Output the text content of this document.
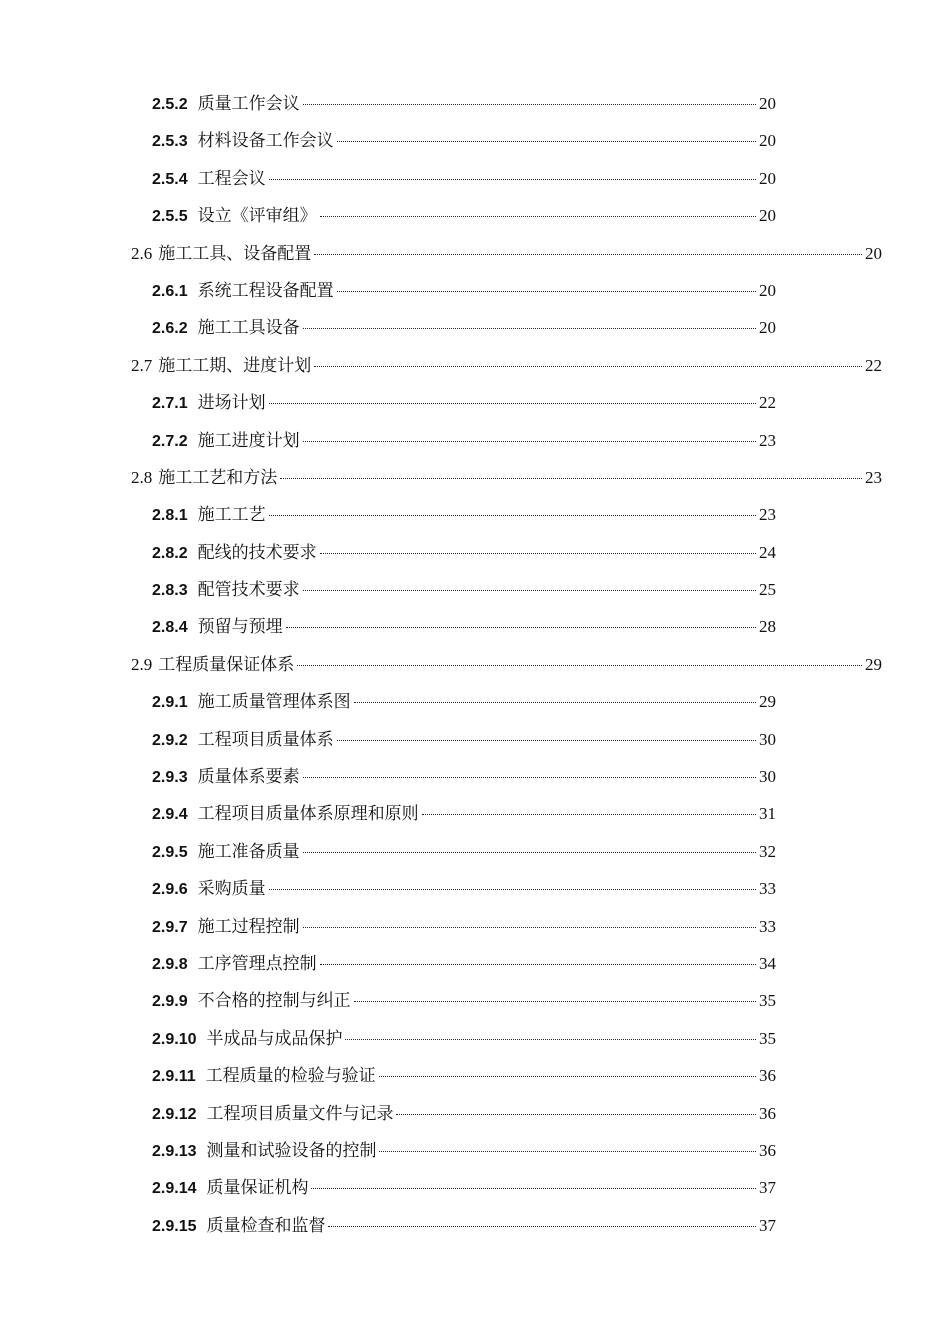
2.5.2 质量工作会议	20
2.5.3 材料设备工作会议	20
2.5.4 工程会议	20
2.5.5 设立《评审组》	20
2.6 施工工具、设备配置	20
2.6.1 系统工程设备配置	20
2.6.2 施工工具设备	20
2.7 施工工期、进度计划	22
2.7.1 进场计划	22
2.7.2 施工进度计划	23
2.8 施工工艺和方法	23
2.8.1 施工工艺	23
2.8.2 配线的技术要求	24
2.8.3 配管技术要求	25
2.8.4 预留与预埋	28
2.9 工程质量保证体系	29
2.9.1 施工质量管理体系图	29
2.9.2 工程项目质量体系	30
2.9.3 质量体系要素	30
2.9.4 工程项目质量体系原理和原则	31
2.9.5 施工准备质量	32
2.9.6 采购质量	33
2.9.7 施工过程控制	33
2.9.8 工序管理点控制	34
2.9.9 不合格的控制与纠正	35
2.9.10 半成品与成品保护	35
2.9.11 工程质量的检验与验证	36
2.9.12 工程项目质量文件与记录	36
2.9.13 测量和试验设备的控制	36
2.9.14 质量保证机构	37
2.9.15 质量检查和监督	37
